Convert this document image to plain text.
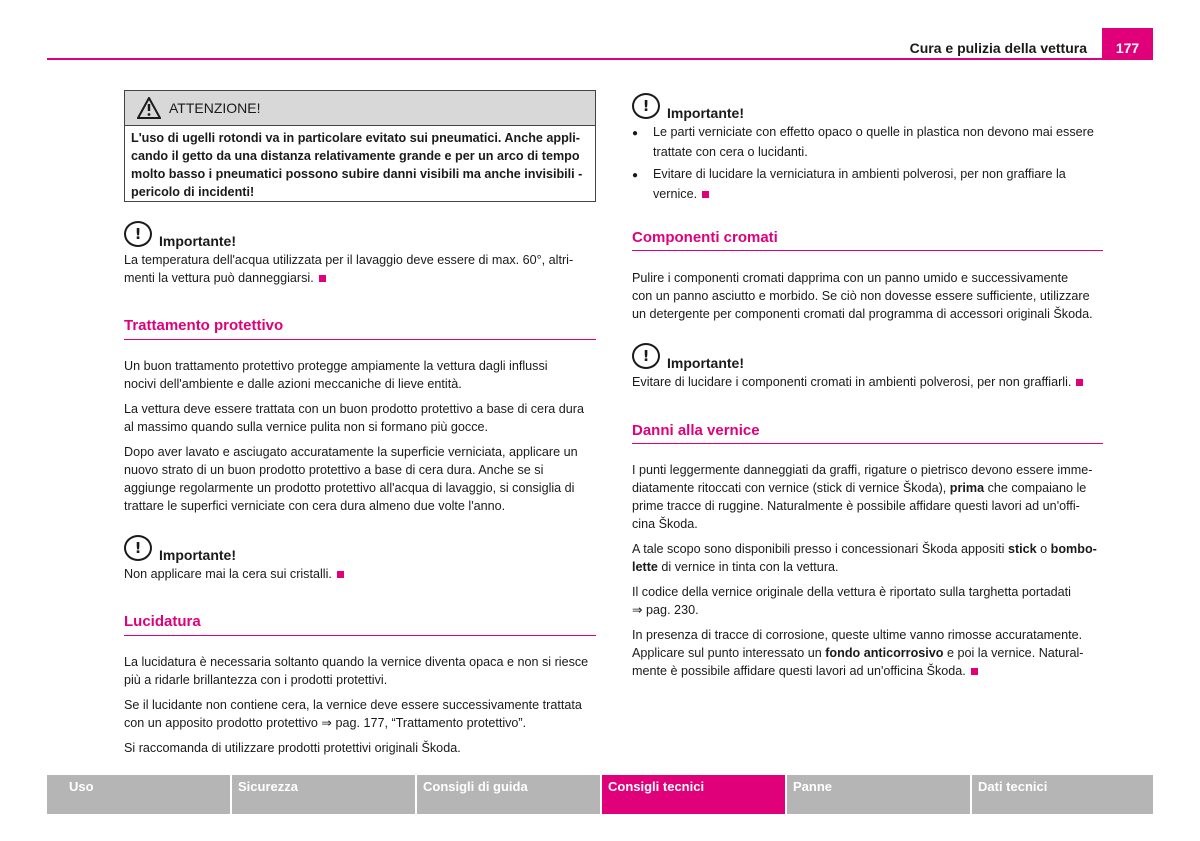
Cura e pulizia della vettura	177
ATTENZIONE!
L'uso di ugelli rotondi va in particolare evitato sui pneumatici. Anche appli-
cando il getto da una distanza relativamente grande e per un arco di tempo
molto basso i pneumatici possono subire danni visibili ma anche invisibili -
pericolo di incidenti!
!	Importante!

La temperatura dell'acqua utilizzata per il lavaggio deve essere di max. 60°, altri-
menti la vettura può danneggiarsi.

Trattamento protettivo

Un buon trattamento protettivo protegge ampiamente la vettura dagli influssi
nocivi dell'ambiente e dalle azioni meccaniche di lieve entità.

La vettura deve essere trattata con un buon prodotto protettivo a base di cera dura
al massimo quando sulla vernice pulita non si formano più gocce.

Dopo aver lavato e asciugato accuratamente la superficie verniciata, applicare un
nuovo strato di un buon prodotto protettivo a base di cera dura. Anche se si
aggiunge regolarmente un prodotto protettivo all'acqua di lavaggio, si consiglia di
trattare le superfici verniciate con cera dura almeno due volte l'anno.

!	Importante!

Non applicare mai la cera sui cristalli.

Lucidatura

La lucidatura è necessaria soltanto quando la vernice diventa opaca e non si riesce
più a ridarle brillantezza con i prodotti protettivi.

Se il lucidante non contiene cera, la vernice deve essere successivamente trattata
con un apposito prodotto protettivo ⇒ pag. 177, “Trattamento protettivo”.

Si raccomanda di utilizzare prodotti protettivi originali Škoda.

!	Importante!

● Le parti verniciate con effetto opaco o quelle in plastica non devono mai essere
trattate con cera o lucidanti.

● Evitare di lucidare la verniciatura in ambienti polverosi, per non graffiare la
vernice.

Componenti cromati

Pulire i componenti cromati dapprima con un panno umido e successivamente
con un panno asciutto e morbido. Se ciò non dovesse essere sufficiente, utilizzare
un detergente per componenti cromati dal programma di accessori originali Škoda.

!	Importante!

Evitare di lucidare i componenti cromati in ambienti polverosi, per non graffiarli.

Danni alla vernice

I punti leggermente danneggiati da graffi, rigature o pietrisco devono essere imme-
diatamente ritoccati con vernice (stick di vernice Škoda), prima che compaiano le
prime tracce di ruggine. Naturalmente è possibile affidare questi lavori ad un'offi-
cina Škoda.

A tale scopo sono disponibili presso i concessionari Škoda appositi stick o bombo-
lette di vernice in tinta con la vettura.

Il codice della vernice originale della vettura è riportato sulla targhetta portadati
⇒ pag. 230.

In presenza di tracce di corrosione, queste ultime vanno rimosse accuratamente.
Applicare sul punto interessato un fondo anticorrosivo e poi la vernice. Natural-
mente è possibile affidare questi lavori ad un'officina Škoda.

Uso	Sicurezza	Consigli di guida	Consigli tecnici	Panne	Dati tecnici
